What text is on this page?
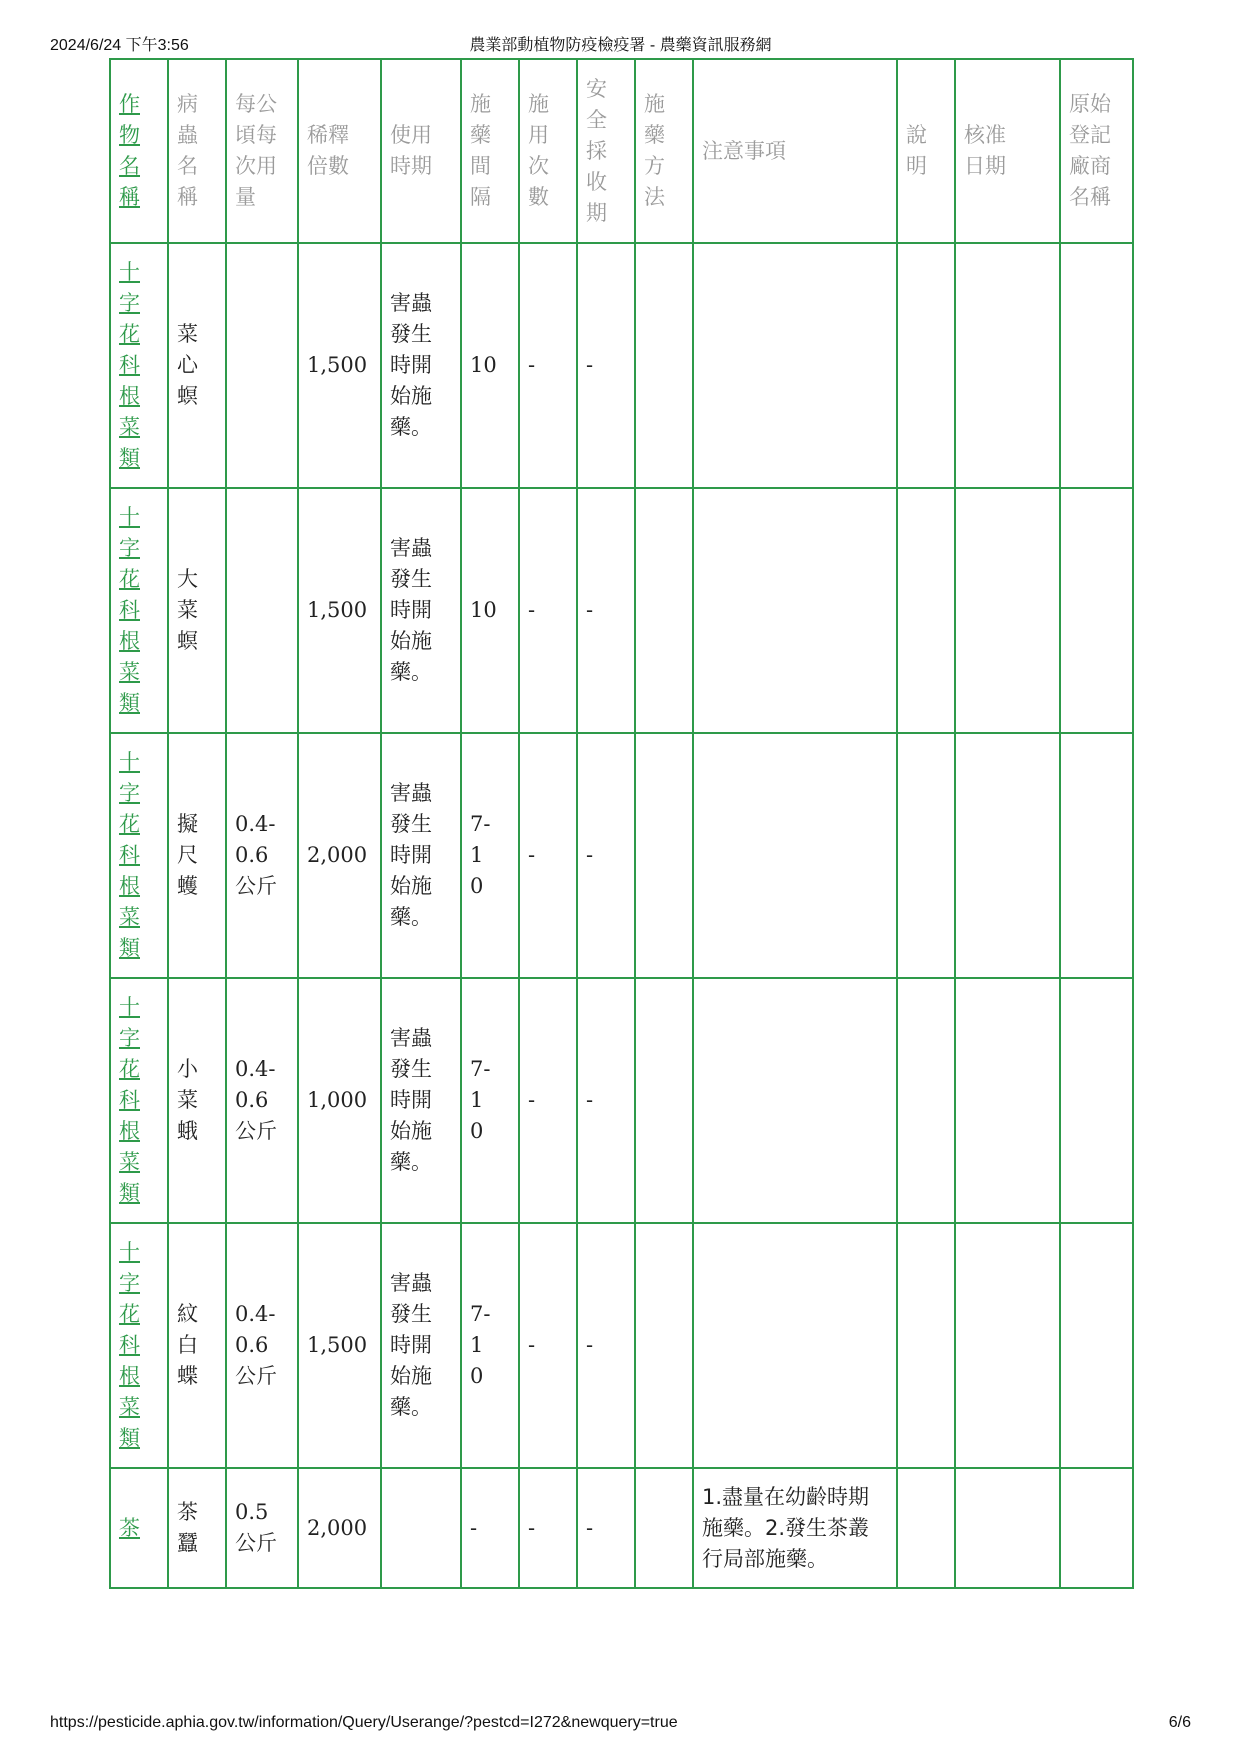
2024/6/24 下午3:56	農業部動植物防疫檢疫署 - 農藥資訊服務網
作物名稱	病蟲名稱	每公頃每次用量	稀釋倍數	使用時期	施藥間隔	施用次數	安全採收期	施藥方法	注意事項	說明	核准日期	原始登記廠商名稱

十字花科根菜類	菜心螟		1,500	害蟲發生時開始施藥。	10	-	-					

十字花科根菜類	大菜螟		1,500	害蟲發生時開始施藥。	10	-	-					

十字花科根菜類	擬尺蠖	0.4-0.6公斤	2,000	害蟲發生時開始施藥。	7-10	-	-					

十字花科根菜類	小菜蛾	0.4-0.6公斤	1,000	害蟲發生時開始施藥。	7-10	-	-					

十字花科根菜類	紋白蝶	0.4-0.6公斤	1,500	害蟲發生時開始施藥。	7-10	-	-					

茶	茶蠶	0.5公斤	2,000		-	-	-		1.盡量在幼齡時期施藥。2.發生茶叢行局部施藥。			
https://pesticide.aphia.gov.tw/information/Query/Userange/?pestcd=I272&newquery=true	6/6
